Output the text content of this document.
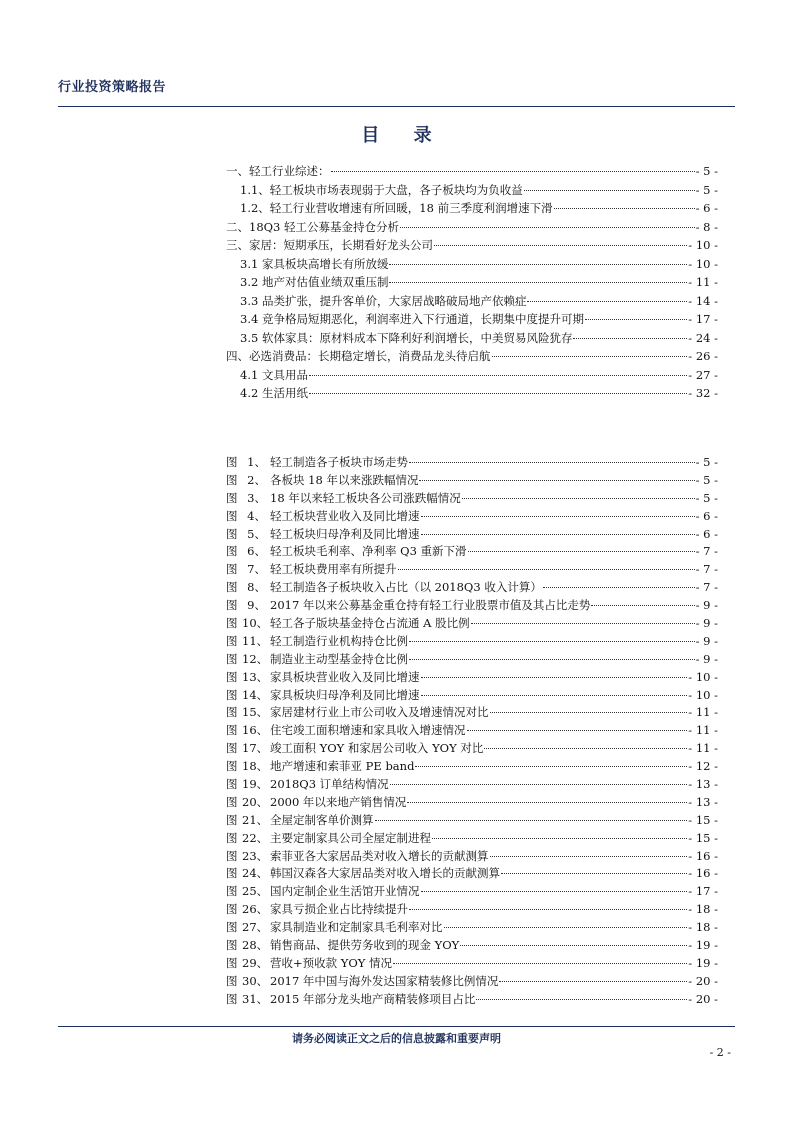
行业投资策略报告
目 录
一、轻工行业综述：	- 5 -
1.1、轻工板块市场表现弱于大盘，各子板块均为负收益	- 5 -
1.2、轻工行业营收增速有所回暖，18 前三季度利润增速下滑	- 6 -
二、18Q3 轻工公募基金持仓分析	- 8 -
三、家居：短期承压，长期看好龙头公司	- 10 -
3.1 家具板块高增长有所放缓	- 10 -
3.2 地产对估值业绩双重压制	- 11 -
3.3 品类扩张，提升客单价，大家居战略破局地产依赖症	- 14 -
3.4 竞争格局短期恶化，利润率进入下行通道，长期集中度提升可期	- 17 -
3.5 软体家具：原材料成本下降利好利润增长，中美贸易风险犹存	- 24 -
四、必选消费品：长期稳定增长，消费品龙头待启航	- 26 -
4.1 文具用品	- 27 -
4.2 生活用纸	- 32 -
图 1、 轻工制造各子板块市场走势	- 5 -
图 2、 各板块 18 年以来涨跌幅情况	- 5 -
图 3、 18 年以来轻工板块各公司涨跌幅情况	- 5 -
图 4、 轻工板块营业收入及同比增速	- 6 -
图 5、 轻工板块归母净利及同比增速	- 6 -
图 6、 轻工板块毛利率、净利率 Q3 重新下滑	- 7 -
图 7、 轻工板块费用率有所提升	- 7 -
图 8、 轻工制造各子板块收入占比（以 2018Q3 收入计算）	- 7 -
图 9、 2017 年以来公募基金重仓持有轻工行业股票市值及其占比走势	- 9 -
图 10、 轻工各子版块基金持仓占流通 A 股比例	- 9 -
图 11、 轻工制造行业机构持仓比例	- 9 -
图 12、 制造业主动型基金持仓比例	- 9 -
图 13、 家具板块营业收入及同比增速	- 10 -
图 14、 家具板块归母净利及同比增速	- 10 -
图 15、 家居建材行业上市公司收入及增速情况对比	- 11 -
图 16、 住宅竣工面积增速和家具收入增速情况	- 11 -
图 17、 竣工面积 YOY 和家居公司收入 YOY 对比	- 11 -
图 18、 地产增速和索菲亚 PE band	- 12 -
图 19、 2018Q3 订单结构情况	- 13 -
图 20、 2000 年以来地产销售情况	- 13 -
图 21、 全屋定制客单价测算	- 15 -
图 22、 主要定制家具公司全屋定制进程	- 15 -
图 23、 索菲亚各大家居品类对收入增长的贡献测算	- 16 -
图 24、 韩国汉森各大家居品类对收入增长的贡献测算	- 16 -
图 25、 国内定制企业生活馆开业情况	- 17 -
图 26、 家具亏损企业占比持续提升	- 18 -
图 27、 家具制造业和定制家具毛利率对比	- 18 -
图 28、 销售商品、提供劳务收到的现金 YOY	- 19 -
图 29、 营收+预收款 YOY 情况	- 19 -
图 30、 2017 年中国与海外发达国家精装修比例情况	- 20 -
图 31、 2015 年部分龙头地产商精装修项目占比	- 20 -
请务必阅读正文之后的信息披露和重要声明
- 2 -
